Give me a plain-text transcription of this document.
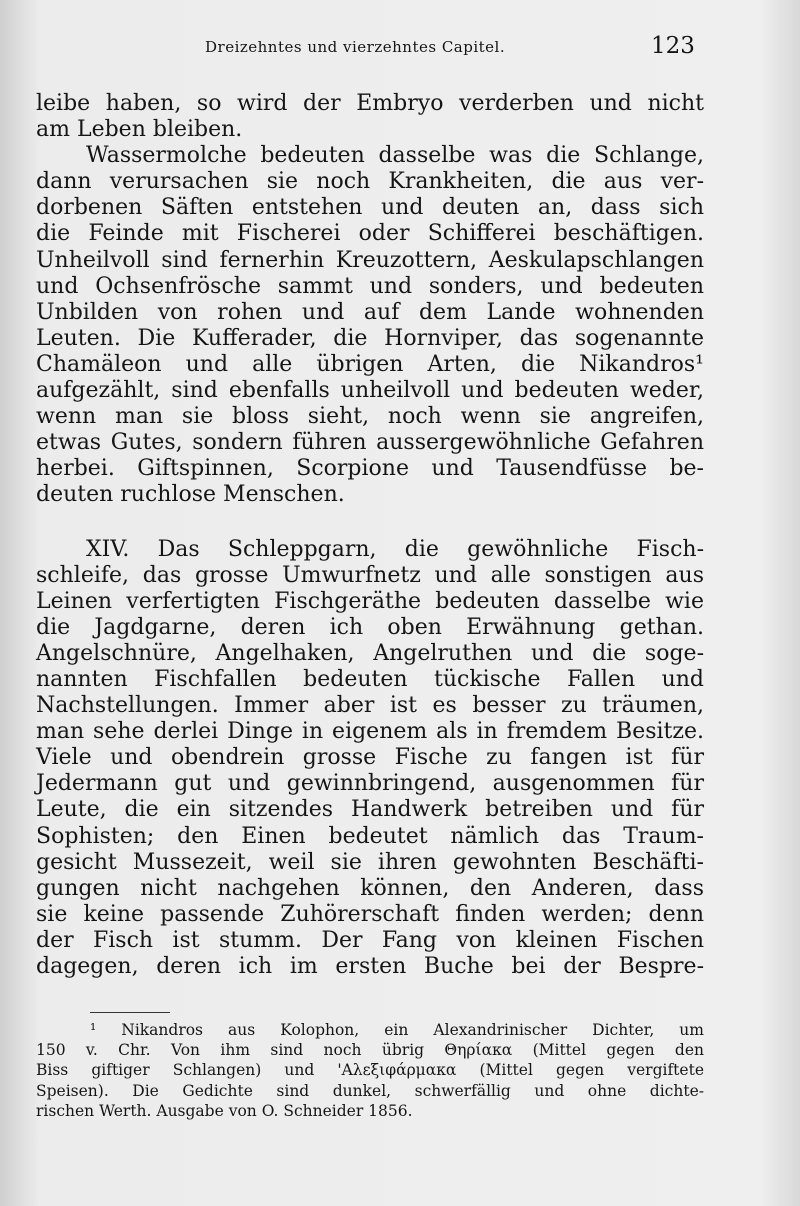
Dreizehntes und vierzehntes Capitel.	123
leibe haben, so wird der Embryo verderben und nicht
am Leben bleiben.
Wassermolche bedeuten dasselbe was die Schlange,
dann verursachen sie noch Krankheiten, die aus ver-
dorbenen Säften entstehen und deuten an, dass sich
die Feinde mit Fischerei oder Schifferei beschäftigen.
Unheilvoll sind fernerhin Kreuzottern, Aeskulapschlangen
und Ochsenfrösche sammt und sonders, und bedeuten
Unbilden von rohen und auf dem Lande wohnenden
Leuten. Die Kufferader, die Hornviper, das sogenannte
Chamäleon und alle übrigen Arten, die Nikandros¹
aufgezählt, sind ebenfalls unheilvoll und bedeuten weder,
wenn man sie bloss sieht, noch wenn sie angreifen,
etwas Gutes, sondern führen aussergewöhnliche Gefahren
herbei. Giftspinnen, Scorpione und Tausendfüsse be-
deuten ruchlose Menschen.
XIV. Das Schleppgarn, die gewöhnliche Fisch-
schleife, das grosse Umwurfnetz und alle sonstigen aus
Leinen verfertigten Fischgeräthe bedeuten dasselbe wie
die Jagdgarne, deren ich oben Erwähnung gethan.
Angelschnüre, Angelhaken, Angelruthen und die soge-
nannten Fischfallen bedeuten tückische Fallen und
Nachstellungen. Immer aber ist es besser zu träumen,
man sehe derlei Dinge in eigenem als in fremdem Besitze.
Viele und obendrein grosse Fische zu fangen ist für
Jedermann gut und gewinnbringend, ausgenommen für
Leute, die ein sitzendes Handwerk betreiben und für
Sophisten; den Einen bedeutet nämlich das Traum-
gesicht Mussezeit, weil sie ihren gewohnten Beschäfti-
gungen nicht nachgehen können, den Anderen, dass
sie keine passende Zuhörerschaft finden werden; denn
der Fisch ist stumm. Der Fang von kleinen Fischen
dagegen, deren ich im ersten Buche bei der Bespre-
¹ Nikandros aus Kolophon, ein Alexandrinischer Dichter, um
150 v. Chr. Von ihm sind noch übrig Θηρίακα (Mittel gegen den
Biss giftiger Schlangen) und 'Αλεξιφάρμακα (Mittel gegen vergiftete
Speisen). Die Gedichte sind dunkel, schwerfällig und ohne dichte-
rischen Werth. Ausgabe von O. Schneider 1856.
